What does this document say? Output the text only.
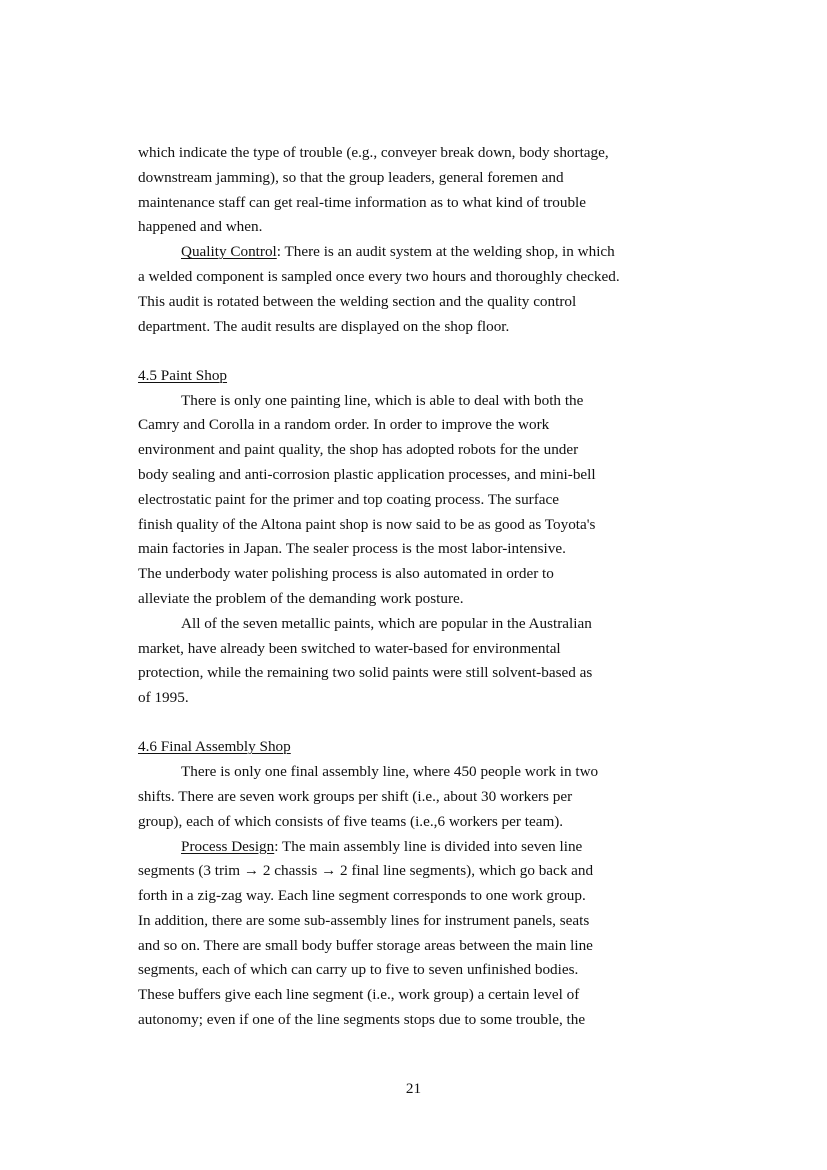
which indicate the type of trouble (e.g., conveyer break down, body shortage,
downstream jamming), so that the group leaders, general foremen and
maintenance staff can get real-time information as to what kind of trouble
happened and when.
Quality Control: There is an audit system at the welding shop, in which
a welded component is sampled once every two hours and thoroughly checked.
This audit is rotated between the welding section and the quality control
department. The audit results are displayed on the shop floor.
4.5 Paint Shop
There is only one painting line, which is able to deal with both the
Camry and Corolla in a random order. In order to improve the work
environment and paint quality, the shop has adopted robots for the under
body sealing and anti-corrosion plastic application processes, and mini-bell
electrostatic paint for the primer and top coating process. The surface
finish quality of the Altona paint shop is now said to be as good as Toyota's
main factories in Japan. The sealer process is the most labor-intensive.
The underbody water polishing process is also automated in order to
alleviate the problem of the demanding work posture.
All of the seven metallic paints, which are popular in the Australian
market, have already been switched to water-based for environmental
protection, while the remaining two solid paints were still solvent-based as
of 1995.
4.6 Final Assembly Shop
There is only one final assembly line, where 450 people work in two
shifts. There are seven work groups per shift (i.e., about 30 workers per
group), each of which consists of five teams (i.e.,6 workers per team).
Process Design: The main assembly line is divided into seven line
segments (3 trim → 2 chassis → 2 final line segments), which go back and
forth in a zig-zag way. Each line segment corresponds to one work group.
In addition, there are some sub-assembly lines for instrument panels, seats
and so on. There are small body buffer storage areas between the main line
segments, each of which can carry up to five to seven unfinished bodies.
These buffers give each line segment (i.e., work group) a certain level of
autonomy; even if one of the line segments stops due to some trouble, the
21
